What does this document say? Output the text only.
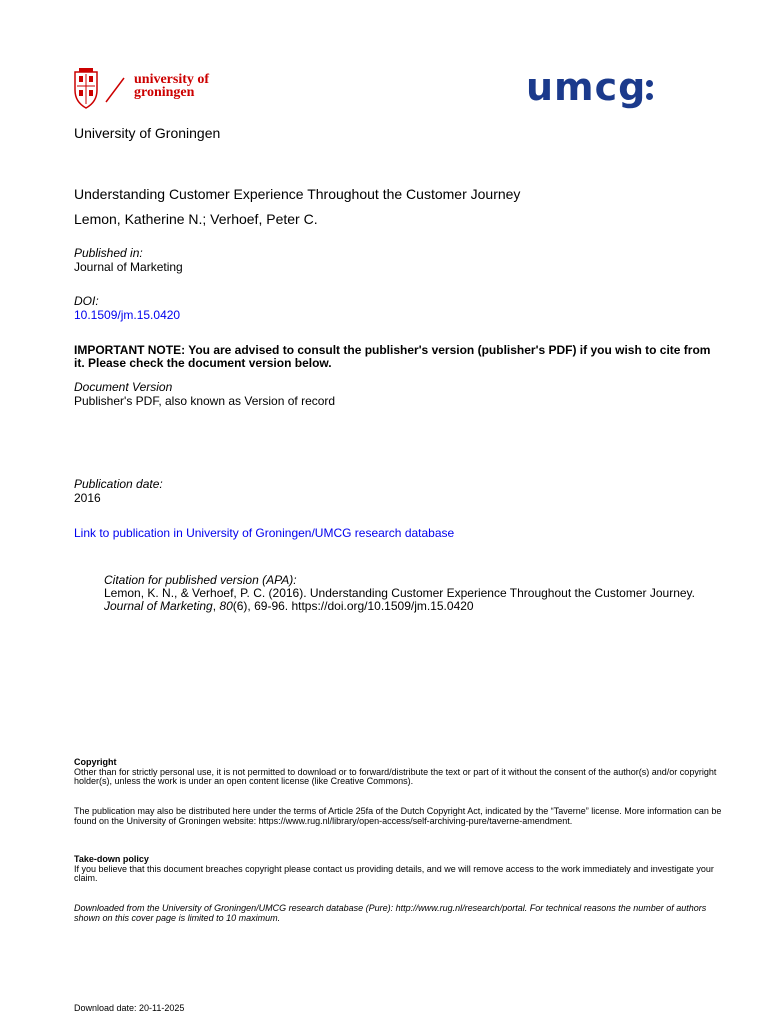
university of
groningen	umcg
University of Groningen
Understanding Customer Experience Throughout the Customer Journey
Lemon, Katherine N.; Verhoef, Peter C.
Published in:
Journal of Marketing
DOI:
10.1509/jm.15.0420
IMPORTANT NOTE: You are advised to consult the publisher's version (publisher's PDF) if you wish to cite from it. Please check the document version below.
Document Version
Publisher's PDF, also known as Version of record
Publication date:
2016
Link to publication in University of Groningen/UMCG research database
Citation for published version (APA):
Lemon, K. N., & Verhoef, P. C. (2016). Understanding Customer Experience Throughout the Customer Journey. Journal of Marketing, 80(6), 69-96. https://doi.org/10.1509/jm.15.0420
Copyright
Other than for strictly personal use, it is not permitted to download or to forward/distribute the text or part of it without the consent of the author(s) and/or copyright holder(s), unless the work is under an open content license (like Creative Commons).
The publication may also be distributed here under the terms of Article 25fa of the Dutch Copyright Act, indicated by the “Taverne” license. More information can be found on the University of Groningen website: https://www.rug.nl/library/open-access/self-archiving-pure/taverne-amendment.
Take-down policy
If you believe that this document breaches copyright please contact us providing details, and we will remove access to the work immediately and investigate your claim.
Downloaded from the University of Groningen/UMCG research database (Pure): http://www.rug.nl/research/portal. For technical reasons the number of authors shown on this cover page is limited to 10 maximum.
Download date: 20-11-2025
